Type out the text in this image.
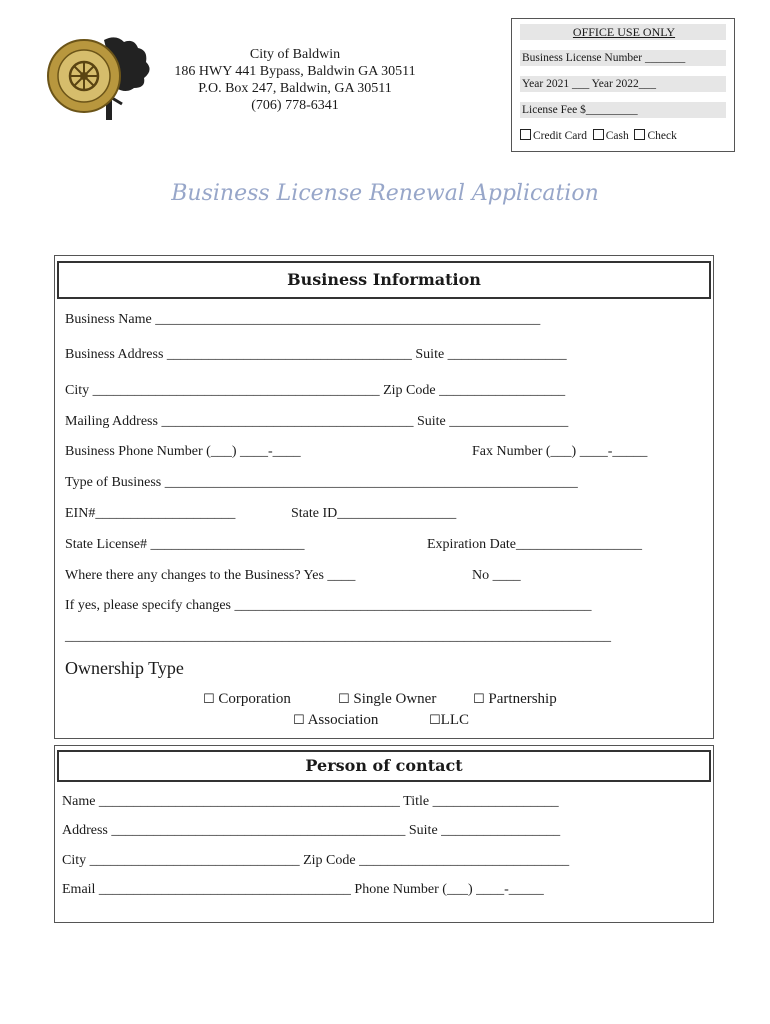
City of Baldwin
186 HWY 441 Bypass, Baldwin GA 30511
P.O. Box 247, Baldwin, GA 30511
(706) 778-6341
OFFICE USE ONLY
Business License Number _______
Year 2021 ___ Year 2022___
License Fee $_________
Credit Card Cash Check
Business License Renewal Application
Business Information
Business Name _______________________________________________________
Business Address ___________________________________ Suite _________________
City _________________________________________ Zip Code __________________
Mailing Address ____________________________________ Suite _________________
Business Phone Number (___) ____-____	Fax Number (___) ____-_____
Type of Business ___________________________________________________________
EIN#____________________	State ID_________________
State License# ______________________	Expiration Date__________________
Where there any changes to the Business? Yes ____	No ____
If yes, please specify changes ___________________________________________________
______________________________________________________________________________
Ownership Type
☐ Corporation	☐ Single Owner	☐ Partnership
☐ Association	☐LLC
Person of contact
Name ___________________________________________ Title __________________
Address __________________________________________ Suite _________________
City ______________________________ Zip Code ______________________________
Email ____________________________________ Phone Number (___) ____-_____
